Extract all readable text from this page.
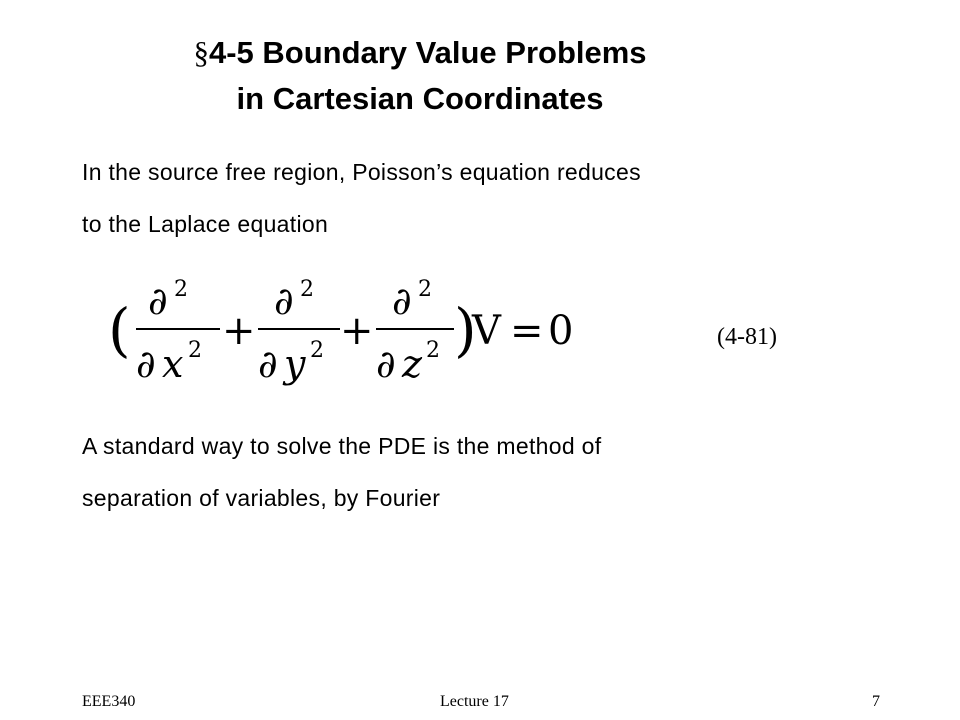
§4-5 Boundary Value Problems
in Cartesian Coordinates
In the source free region, Poisson’s equation reduces
to the Laplace equation
( ∂ 2
∂ x 2 +
∂ 2
∂ y 2 +
∂ 2
∂ z 2 )
V = 0	(4-81)
A standard way to solve the PDE is the method of
separation of variables, by Fourier
EEE340	Lecture 17	7
